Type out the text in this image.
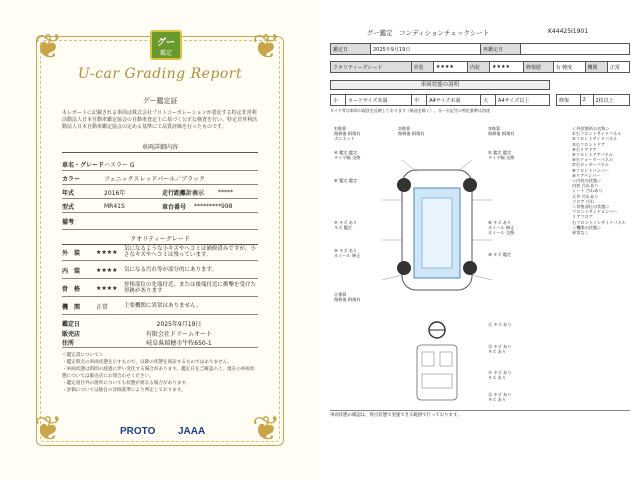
❦	❦
❦	❦
グー
鑑定
U-car Grading Report
グー鑑定証
本レポートに記載される車両は株式会社プロトコーポレーションが委託する特定非営利活動法人日本自動車鑑定協会の自動車査定士に基づく公正な検査を行い、特定非営利活動法人日本自動車鑑定協会の定める基準にて品質評価を行ったものです。
車両詳細内容
車名・グレード ハスラー G
カラー	フェニックスレッドパール／ブラック
年式	2016年	走行距離計表示	*****
型式	MR41S	車台番号	*********998
備考
クオリティーグレード
外　装	★★★★	気になるような小キズやヘコミは補修済みですが、小さなキズやヘコミは残っています。
内　装	★★★★	気になる汚れ等が部分的にあります。
骨　格	★★★★	骨格部位の先端付近、または後端付近に衝撃を受けた形跡があります
機　関	正常	主要機関に異常はありません。
鑑定日	2025年9月19日
販売店	有限会社ドリームオート
住所	岐阜県瑞穂市牛牧650-1
＜鑑定書について＞
・鑑定時点の車両状態を示すもので、以降の状態を保証するものではありません。
・車両状態は時間の経過に伴い変化する場合があります。鑑定日をご確認の上、現在の車両状態については販売店にお問合わせください。
・鑑定項目外の箇所についても状態が異なる場合があります。
・評価については独自の評価基準により判定しております。
PROTO JAAA
グー鑑定　コンディションチェックシート	K44425I1901
鑑定日	2025年9月19日	再鑑定日	
クオリティーグレード	外装	★★★★	内装	★★★★	修復歴	有 軽度	機関	正常
車両状態の説明
小	カードサイズ未満	中	A4サイズ未満	大	A4サイズ以上	修復	2	2枚以上
タイヤ等は車両の現状を反映しております（新品を除く）。Ⓐ～Ⓔ記号の判定基準は別途
①換算
傷修復 損傷有
ボンネット
②換算
傷修復 損傷有

③換算
傷修復 損傷有

④ 鑑定 鑑定
タイヤ幅 交換
⑤ 鑑定 鑑定
タイヤ幅 交換
⑥ 鑑定 鑑定

⑦ キズ あり
キズ 鑑定
⑧ キズ あり
ホイール 修正
ホイール 交換
⑨ キズ あり
ホイール 修正
　	⑩ キズ 鑑定

⑪換算
傷修復 損傷有
⑫ キズ あり

⑬ キズ あり
キズ あり
⑭ キズ あり
キズ あり
⑮ キズ あり
キズ あり
＜外装箇所の名称＞
①右フロントサイドパネル
②フロントサイドパネル
③右フロントドア
④右リアドア
⑤フロントドアパネル
⑥右クォーターパネル
⑦右ロッカーパネル
⑧フロントバンパー
⑨リアバンパー
＜内装の状態＞
内装 汚れあり
シート 汚れあり
天井 汚れあり
フロア 汚れ
＜骨格部位の状態＞
フロントサイドメンバー
リアフロア
右フロントインサイドパネル
＜機関の状態＞
異常なし
車両状態の確認は、得点状態で実施できる範囲で行っております。
